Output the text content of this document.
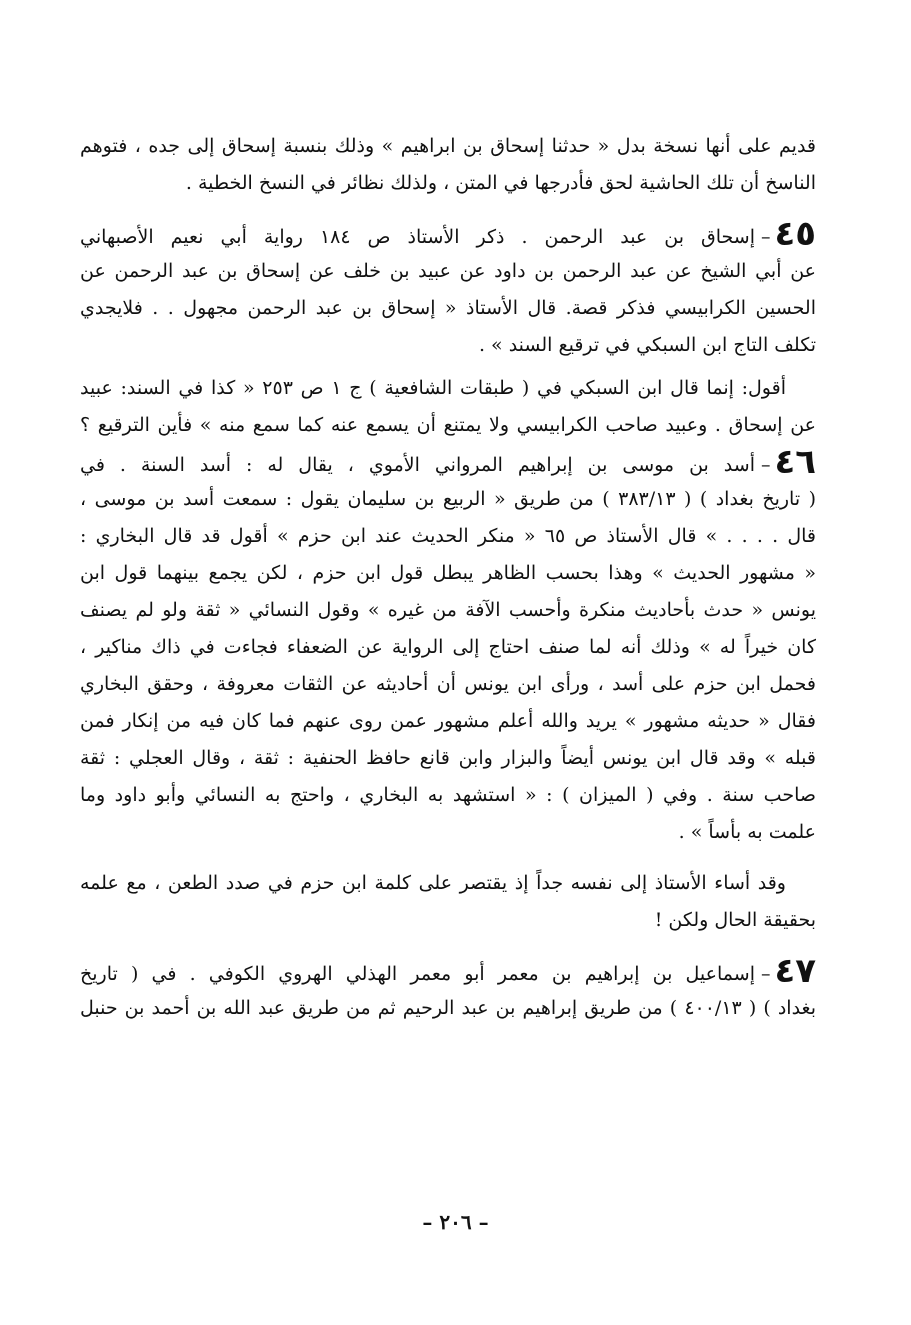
قديم على أنها نسخة بدل « حدثنا إسحاق بن ابراهيم » وذلك بنسبة إسحاق إلى جده ، فتوهم
الناسخ أن تلك الحاشية لحق فأدرجها في المتن ، ولذلك نظائر في النسخ الخطية .
٤٥–إسحاق بن عبد الرحمن . ذكر الأستاذ ص ١٨٤ رواية أبي نعيم الأصبهاني
عن أبي الشيخ عن عبد الرحمن بن داود عن عبيد بن خلف عن إسحاق بن عبد الرحمن عن
الحسين الكرابيسي فذكر قصة. قال الأستاذ « إسحاق بن عبد الرحمن مجهول . . فلايجدي
تكلف التاج ابن السبكي في ترقيع السند » .
أقول: إنما قال ابن السبكي في ( طبقات الشافعية ) ج ١ ص ٢٥٣ « كذا في السند: عبيد
عن إسحاق . وعبيد صاحب الكرابيسي ولا يمتنع أن يسمع عنه كما سمع منه » فأين الترقيع ؟
٤٦–أسد بن موسى بن إبراهيم المرواني الأموي ، يقال له : أسد السنة . في
( تاريخ بغداد ) ( ٣٨٣/١٣ ) من طريق « الربيع بن سليمان يقول : سمعت أسد بن موسى ،
قال . . . . » قال الأستاذ ص ٦٥ « منكر الحديث عند ابن حزم » أقول قد قال البخاري :
« مشهور الحديث » وهذا بحسب الظاهر يبطل قول ابن حزم ، لكن يجمع بينهما قول ابن
يونس « حدث بأحاديث منكرة وأحسب الآفة من غيره » وقول النسائي « ثقة ولو لم يصنف
كان خيراً له » وذلك أنه لما صنف احتاج إلى الرواية عن الضعفاء فجاءت في ذاك مناكير ،
فحمل ابن حزم على أسد ، ورأى ابن يونس أن أحاديثه عن الثقات معروفة ، وحقق البخاري
فقال « حديثه مشهور » يريد والله أعلم مشهور عمن روى عنهم فما كان فيه من إنكار فمن
قبله » وقد قال ابن يونس أيضاً والبزار وابن قانع حافظ الحنفية : ثقة ، وقال العجلي : ثقة
صاحب سنة . وفي ( الميزان ) : « استشهد به البخاري ، واحتج به النسائي وأبو داود وما
علمت به بأساً » .
وقد أساء الأستاذ إلى نفسه جداً إذ يقتصر على كلمة ابن حزم في صدد الطعن ، مع علمه
بحقيقة الحال ولكن !
٤٧–إسماعيل بن إبراهيم بن معمر أبو معمر الهذلي الهروي الكوفي . في ( تاريخ
بغداد ) ( ٤٠٠/١٣ ) من طريق إبراهيم بن عبد الرحيم ثم من طريق عبد الله بن أحمد بن حنبل
– ٢٠٦ –
